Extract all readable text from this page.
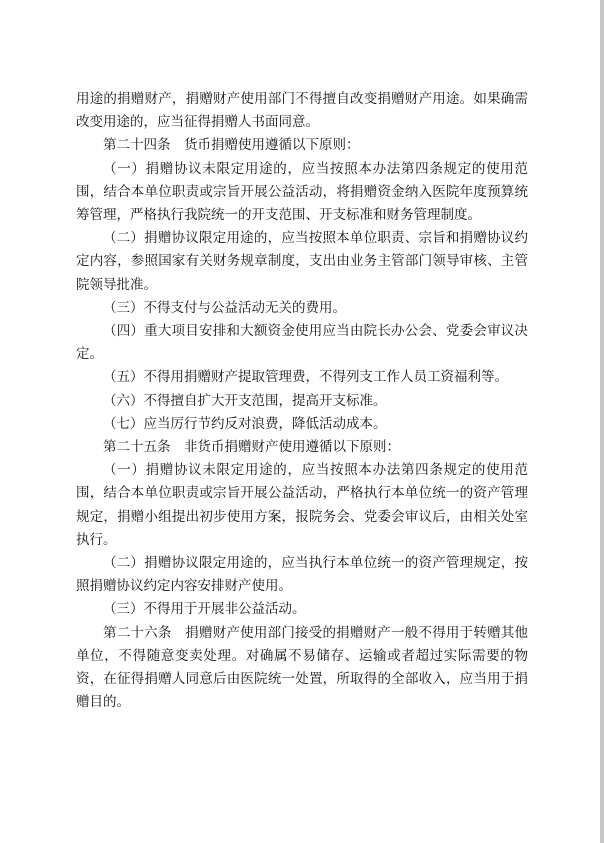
用途的捐赠财产，捐赠财产使用部门不得擅自改变捐赠财产用途。如果确需改变用途的，应当征得捐赠人书面同意。

第二十四条　货币捐赠使用遵循以下原则：

（一）捐赠协议未限定用途的，应当按照本办法第四条规定的使用范围，结合本单位职责或宗旨开展公益活动，将捐赠资金纳入医院年度预算统筹管理，严格执行我院统一的开支范围、开支标准和财务管理制度。

（二）捐赠协议限定用途的，应当按照本单位职责、宗旨和捐赠协议约定内容，参照国家有关财务规章制度，支出由业务主管部门领导审核、主管院领导批准。

（三）不得支付与公益活动无关的费用。

（四）重大项目安排和大额资金使用应当由院长办公会、党委会审议决定。

（五）不得用捐赠财产提取管理费，不得列支工作人员工资福利等。

（六）不得擅自扩大开支范围，提高开支标准。

（七）应当厉行节约反对浪费，降低活动成本。

第二十五条　非货币捐赠财产使用遵循以下原则：

（一）捐赠协议未限定用途的，应当按照本办法第四条规定的使用范围，结合本单位职责或宗旨开展公益活动，严格执行本单位统一的资产管理规定，捐赠小组提出初步使用方案，报院务会、党委会审议后，由相关处室执行。

（二）捐赠协议限定用途的，应当执行本单位统一的资产管理规定，按照捐赠协议约定内容安排财产使用。

（三）不得用于开展非公益活动。

第二十六条　捐赠财产使用部门接受的捐赠财产一般不得用于转赠其他单位，不得随意变卖处理。对确属不易储存、运输或者超过实际需要的物资，在征得捐赠人同意后由医院统一处置，所取得的全部收入，应当用于捐赠目的。
